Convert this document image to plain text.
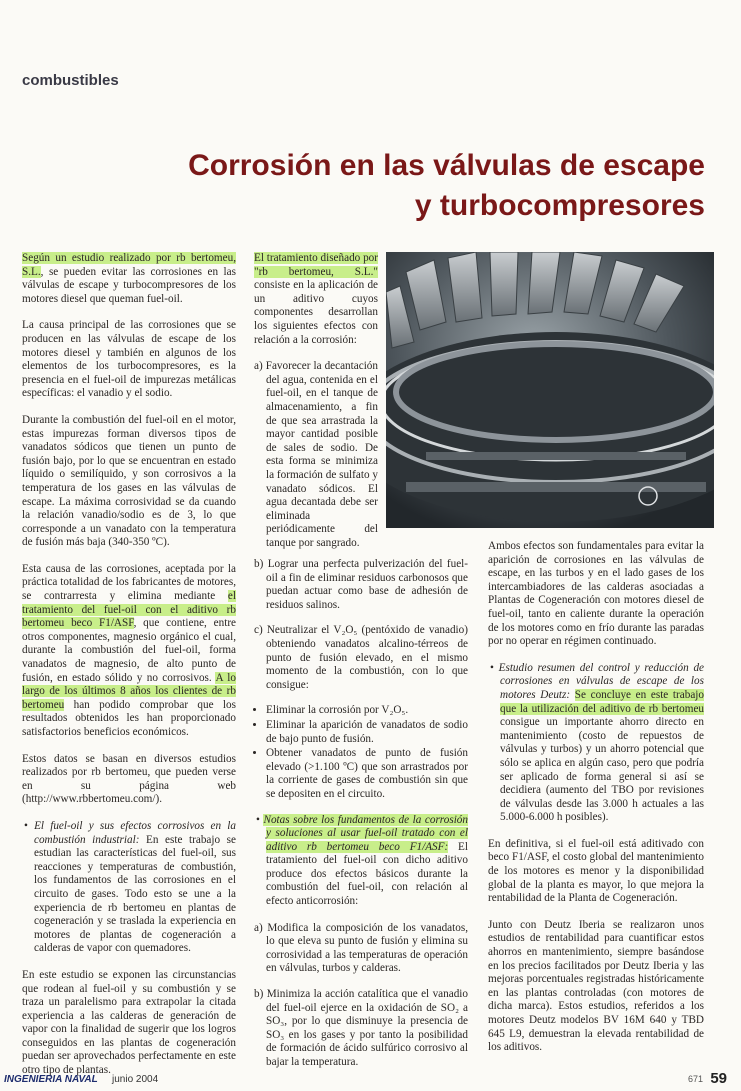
combustibles
Corrosión en las válvulas de escape
y turbocompresores

Según un estudio realizado por rb bertomeu, S.L., se pueden evitar las corrosiones en las válvulas de escape y turbocompresores de los motores diesel que queman fuel-oil.

La causa principal de las corrosiones que se producen en las válvulas de escape de los motores diesel y también en algunos de los elementos de los turbocompresores, es la presencia en el fuel-oil de impurezas metálicas específicas: el vanadio y el sodio.

Durante la combustión del fuel-oil en el motor, estas impurezas forman diversos tipos de vanadatos sódicos que tienen un punto de fusión bajo, por lo que se encuentran en estado líquido o semilíquido, y son corrosivos a la temperatura de los gases en las válvulas de escape. La máxima corrosividad se da cuando la relación vanadio/sodio es de 3, lo que corresponde a un vanadato con la temperatura de fusión más baja (340-350 ºC).

Esta causa de las corrosiones, aceptada por la práctica totalidad de los fabricantes de motores, se contrarresta y elimina mediante el tratamiento del fuel-oil con el aditivo rb bertomeu beco F1/ASF, que contiene, entre otros componentes, magnesio orgánico el cual, durante la combustión del fuel-oil, forma vanadatos de magnesio, de alto punto de fusión, en estado sólido y no corrosivos. A lo largo de los últimos 8 años los clientes de rb bertomeu han podido comprobar que los resultados obtenidos les han proporcionado satisfactorios beneficios económicos.

Estos datos se basan en diversos estudios realizados por rb bertomeu, que pueden verse en su página web (http://www.rbbertomeu.com/).

• El fuel-oil y sus efectos corrosivos en la combustión industrial: En este trabajo se estudian las características del fuel-oil, sus reacciones y temperaturas de combustión, los fundamentos de las corrosiones en el circuito de gases. Todo esto se une a la experiencia de rb bertomeu en plantas de cogeneración y se traslada la experiencia en motores de plantas de cogeneración a calderas de vapor con quemadores.

En este estudio se exponen las circunstancias que rodean al fuel-oil y su combustión y se traza un paralelismo para extrapolar la citada experiencia a las calderas de generación de vapor con la finalidad de sugerir que los logros conseguidos en las plantas de cogeneración puedan ser aprovechados perfectamente en este otro tipo de plantas.

El tratamiento diseñado por "rb bertomeu, S.L." consiste en la aplicación de un aditivo cuyos componentes desarrollan los siguientes efectos con relación a la corrosión:

a) Favorecer la decantación del agua, contenida en el fuel-oil, en el tanque de almacenamiento, a fin de que sea arrastrada la mayor cantidad posible de sales de sodio. De esta forma se minimiza la formación de sulfato y vanadato sódicos. El agua decantada debe ser eliminada periódicamente del tanque por sangrado.
b) Lograr una perfecta pulverización del fuel-oil a fin de eliminar residuos carbonosos que puedan actuar como base de adhesión de residuos salinos.
c) Neutralizar el V₂O₅ (pentóxido de vanadio) obteniendo vanadatos alcalino-térreos de punto de fusión elevado, en el mismo momento de la combustión, con lo que consigue:
• Eliminar la corrosión por V₂O₅.
• Eliminar la aparición de vanadatos de sodio de bajo punto de fusión.
• Obtener vanadatos de punto de fusión elevado (>1.100 ºC) que son arrastrados por la corriente de gases de combustión sin que se depositen en el circuito.

• Notas sobre los fundamentos de la corrosión y soluciones al usar fuel-oil tratado con el aditivo rb bertomeu beco F1/ASF: El tratamiento del fuel-oil con dicho aditivo produce dos efectos básicos durante la combustión del fuel-oil, con relación al efecto anticorrosión:

a) Modifica la composición de los vanadatos, lo que eleva su punto de fusión y elimina su corrosividad a las temperaturas de operación en válvulas, turbos y calderas.
b) Minimiza la acción catalítica que el vanadio del fuel-oil ejerce en la oxidación de SO₂ a SO₃, por lo que disminuye la presencia de SO₃ en los gases y por tanto la posibilidad de formación de ácido sulfúrico corrosivo al bajar la temperatura.

Ambos efectos son fundamentales para evitar la aparición de corrosiones en las válvulas de escape, en las turbos y en el lado gases de los intercambiadores de las calderas asociadas a Plantas de Cogeneración con motores diesel de fuel-oil, tanto en caliente durante la operación de los motores como en frío durante las paradas por no operar en régimen continuado.

• Estudio resumen del control y reducción de corrosiones en válvulas de escape de los motores Deutz: Se concluye en este trabajo que la utilización del aditivo de rb bertomeu consigue un importante ahorro directo en mantenimiento (costo de repuestos de válvulas y turbos) y un ahorro potencial que sólo se aplica en algún caso, pero que podría ser aplicado de forma general si así se decidiera (aumento del TBO por revisiones de válvulas desde las 3.000 h actuales a las 5.000-6.000 h posibles).

En definitiva, si el fuel-oil está aditivado con beco F1/ASF, el costo global del mantenimiento de los motores es menor y la disponibilidad global de la planta es mayor, lo que mejora la rentabilidad de la Planta de Cogeneración.

Junto con Deutz Iberia se realizaron unos estudios de rentabilidad para cuantificar estos ahorros en mantenimiento, siempre basándose en los precios facilitados por Deutz Iberia y las mejoras porcentuales registradas históricamente en las plantas controladas (con motores de dicha marca). Estos estudios, referidos a los motores Deutz modelos BV 16M 640 y TBD 645 L9, demuestran la elevada rentabilidad de los aditivos.

INGENIERIA NAVAL junio 2004	671 59
